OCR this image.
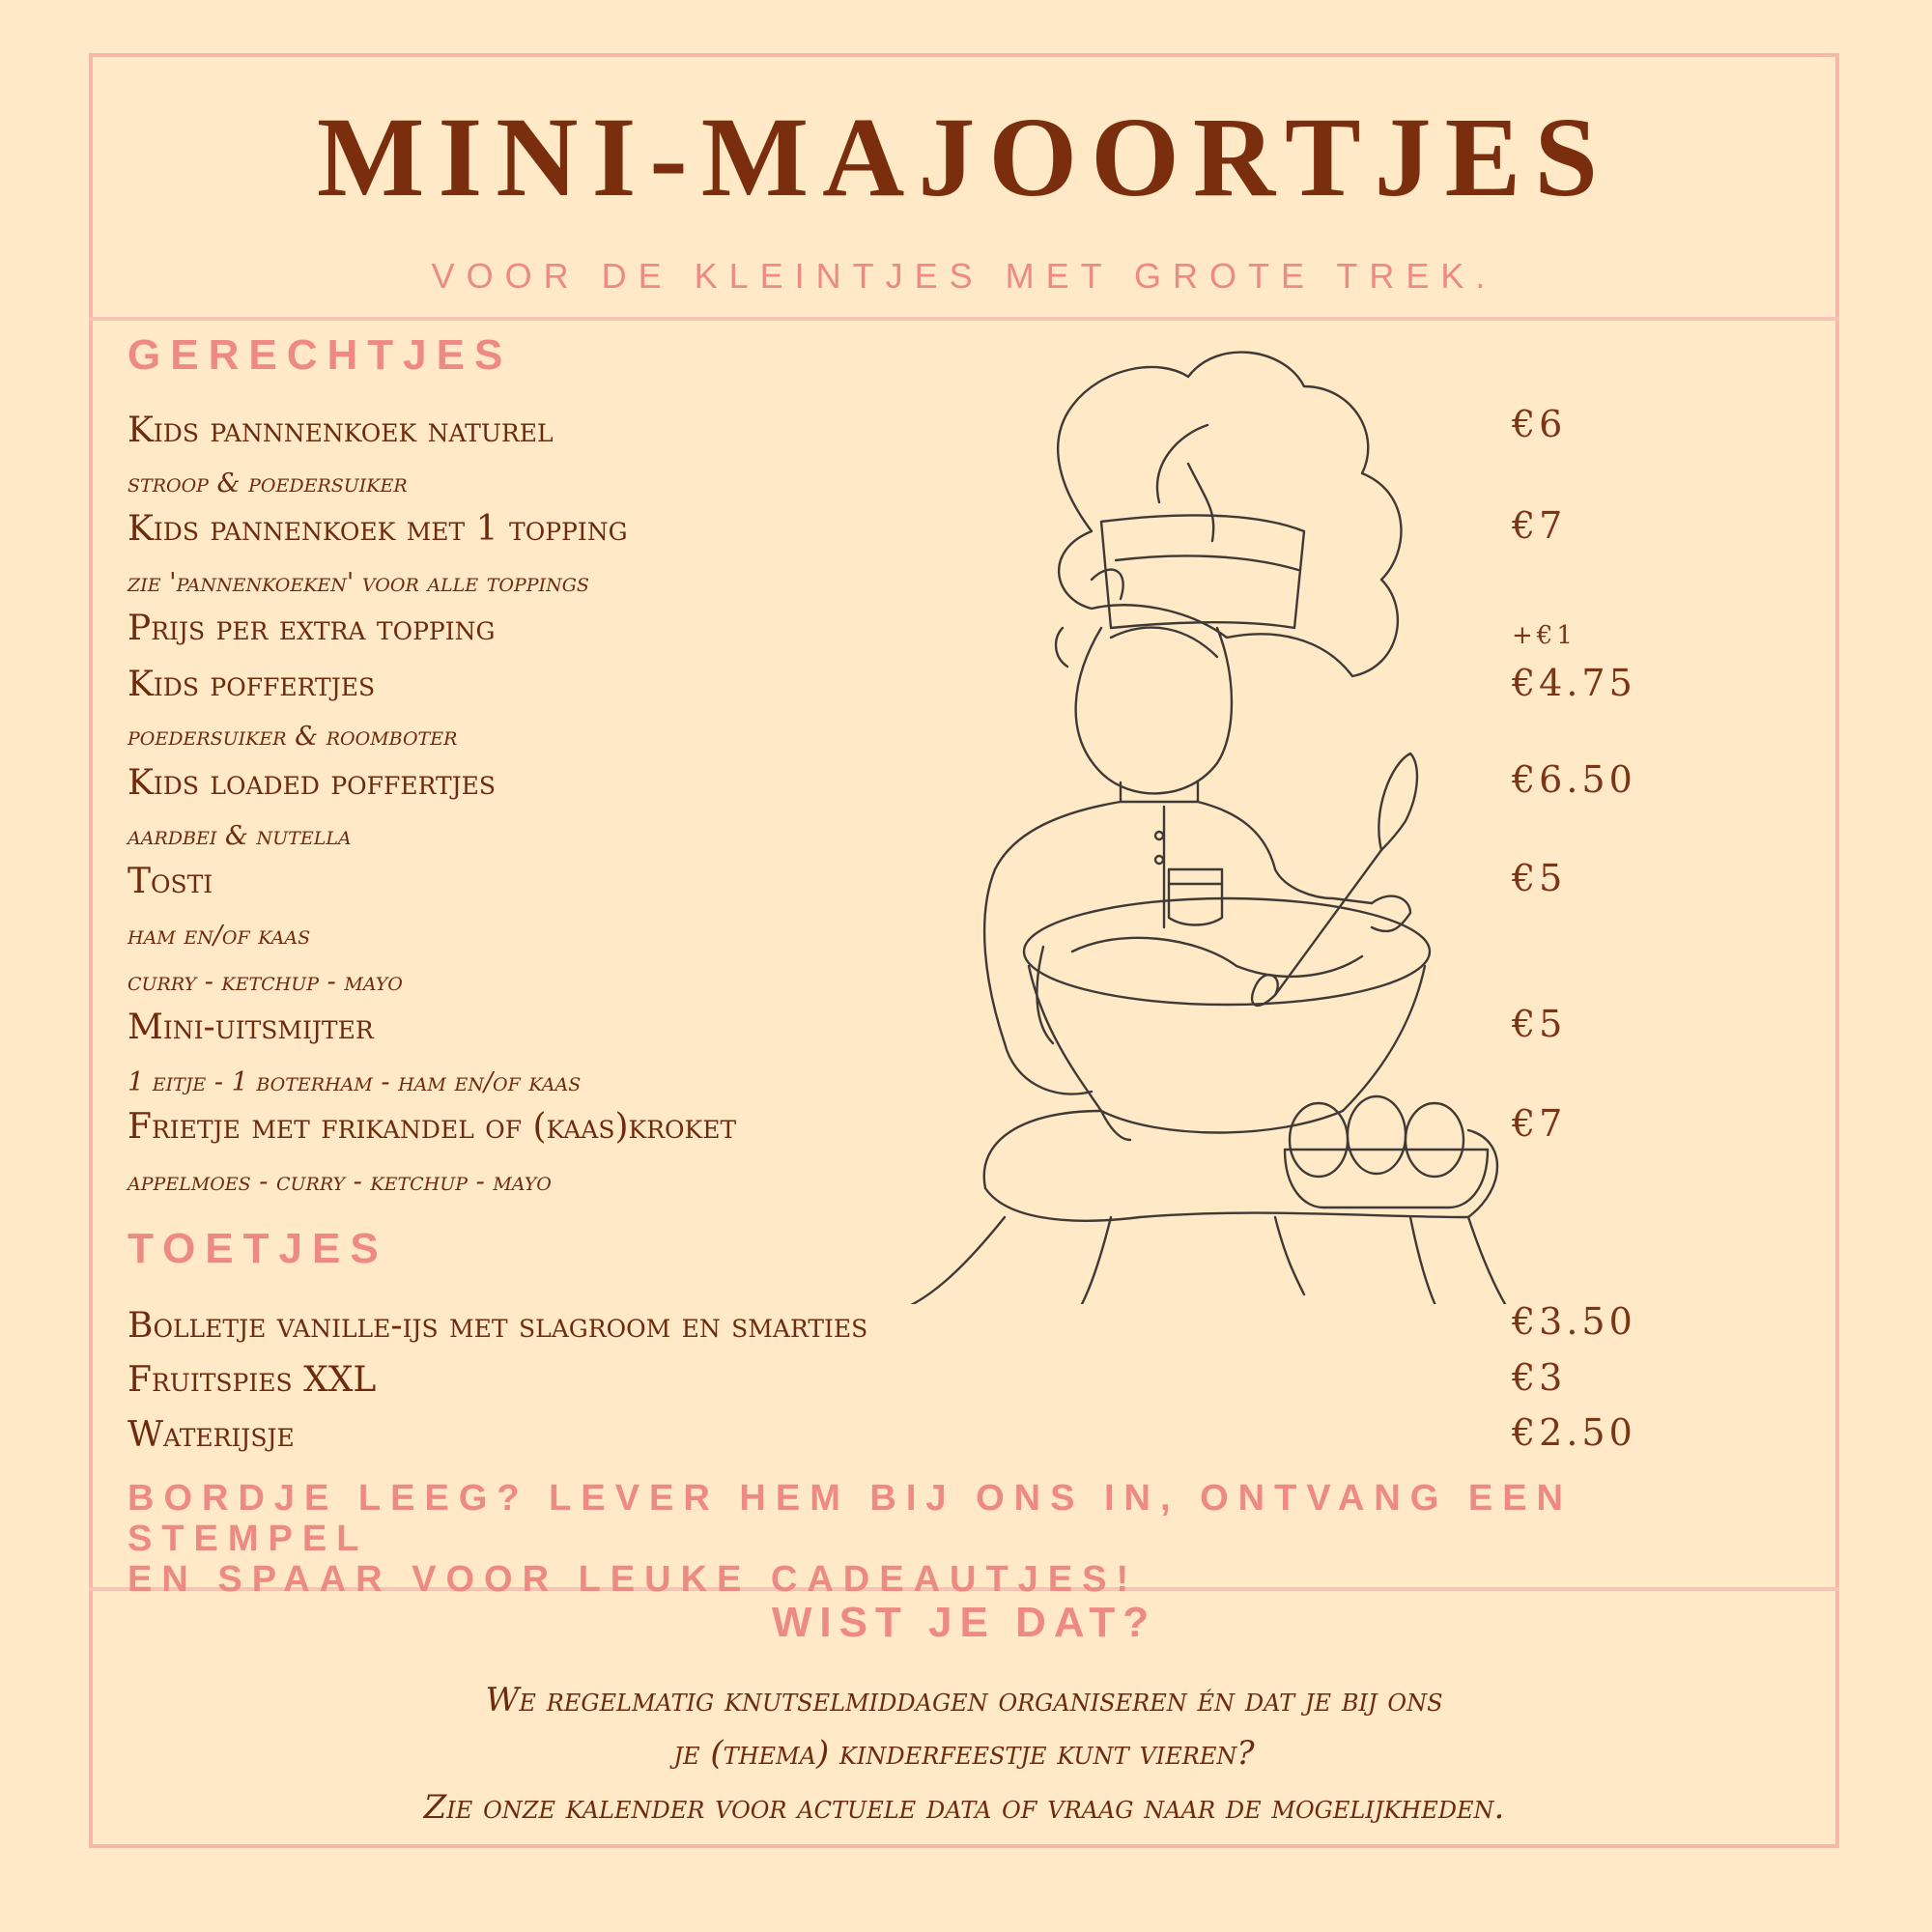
MINI-MAJOORTJES
VOOR DE KLEINTJES MET GROTE TREK.
GERECHTJES
Kids pannnenkoek naturel	€6
stroop & poedersuiker
Kids pannenkoek met 1 topping	€7
zie 'pannenkoeken' voor alle toppings
Prijs per extra topping	+€1
Kids poffertjes	€4.75
poedersuiker & roomboter
Kids loaded poffertjes	€6.50
aardbei & nutella
Tosti	€5
ham en/of kaas
curry - ketchup - mayo
Mini-uitsmijter	€5
1 eitje - 1 boterham - ham en/of kaas
Frietje met frikandel of (kaas)kroket	€7
appelmoes - curry - ketchup - mayo
TOETJES
Bolletje vanille-ijs met slagroom en smarties	€3.50
Fruitspies XXL	€3
Waterijsje	€2.50
BORDJE LEEG? LEVER HEM BIJ ONS IN, ONTVANG EEN STEMPEL
EN SPAAR VOOR LEUKE CADEAUTJES!
WIST JE DAT?
We regelmatig knutselmiddagen organiseren én dat je bij ons
je (thema) kinderfeestje kunt vieren?
Zie onze kalender voor actuele data of vraag naar de mogelijkheden.
